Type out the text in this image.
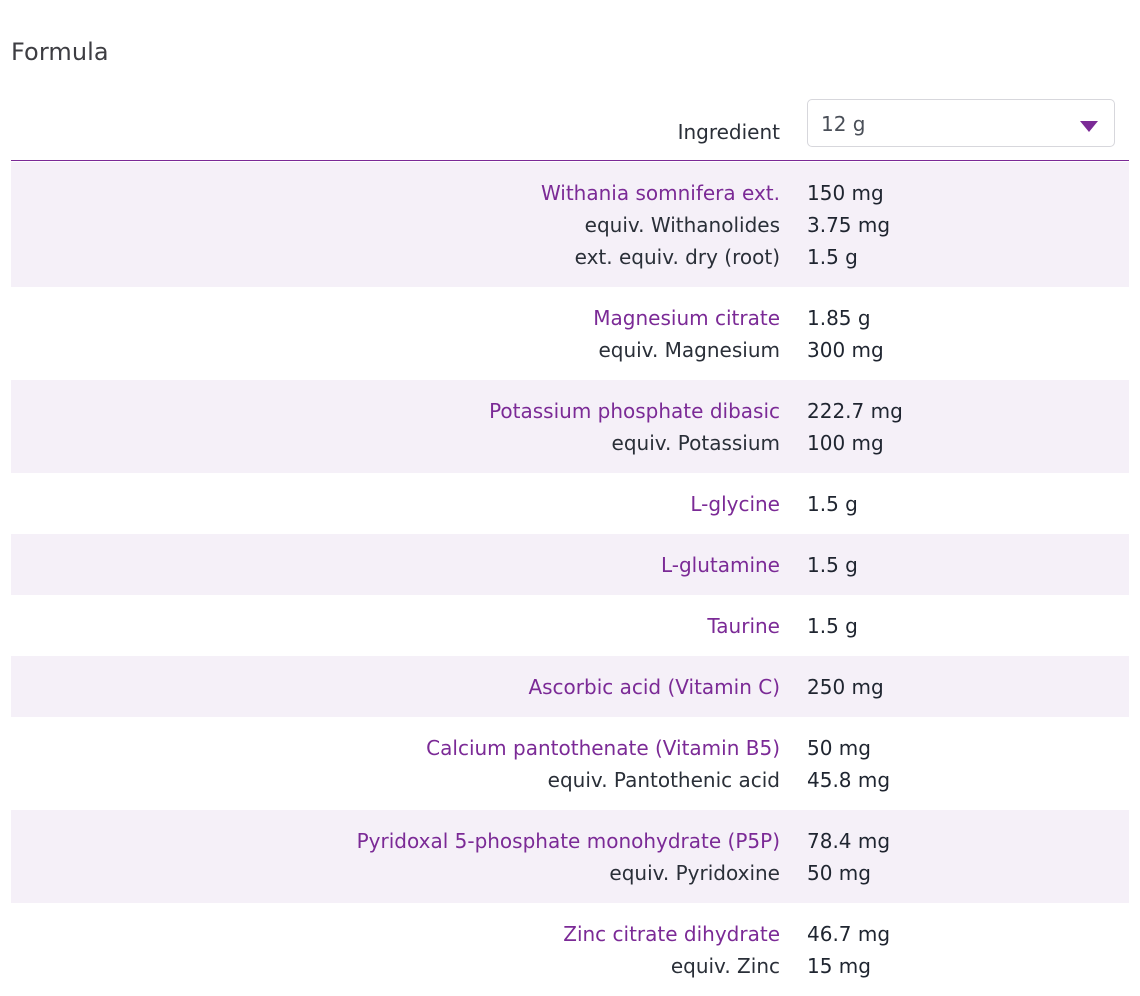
Formula
Ingredient 12 g
Withania somnifera ext. 150 mg
equiv. Withanolides 3.75 mg
ext. equiv. dry (root) 1.5 g
Magnesium citrate 1.85 g
equiv. Magnesium 300 mg
Potassium phosphate dibasic 222.7 mg
equiv. Potassium 100 mg
L-glycine 1.5 g
L-glutamine 1.5 g
Taurine 1.5 g
Ascorbic acid (Vitamin C) 250 mg
Calcium pantothenate (Vitamin B5) 50 mg
equiv. Pantothenic acid 45.8 mg
Pyridoxal 5-phosphate monohydrate (P5P) 78.4 mg
equiv. Pyridoxine 50 mg
Zinc citrate dihydrate 46.7 mg
equiv. Zinc 15 mg
